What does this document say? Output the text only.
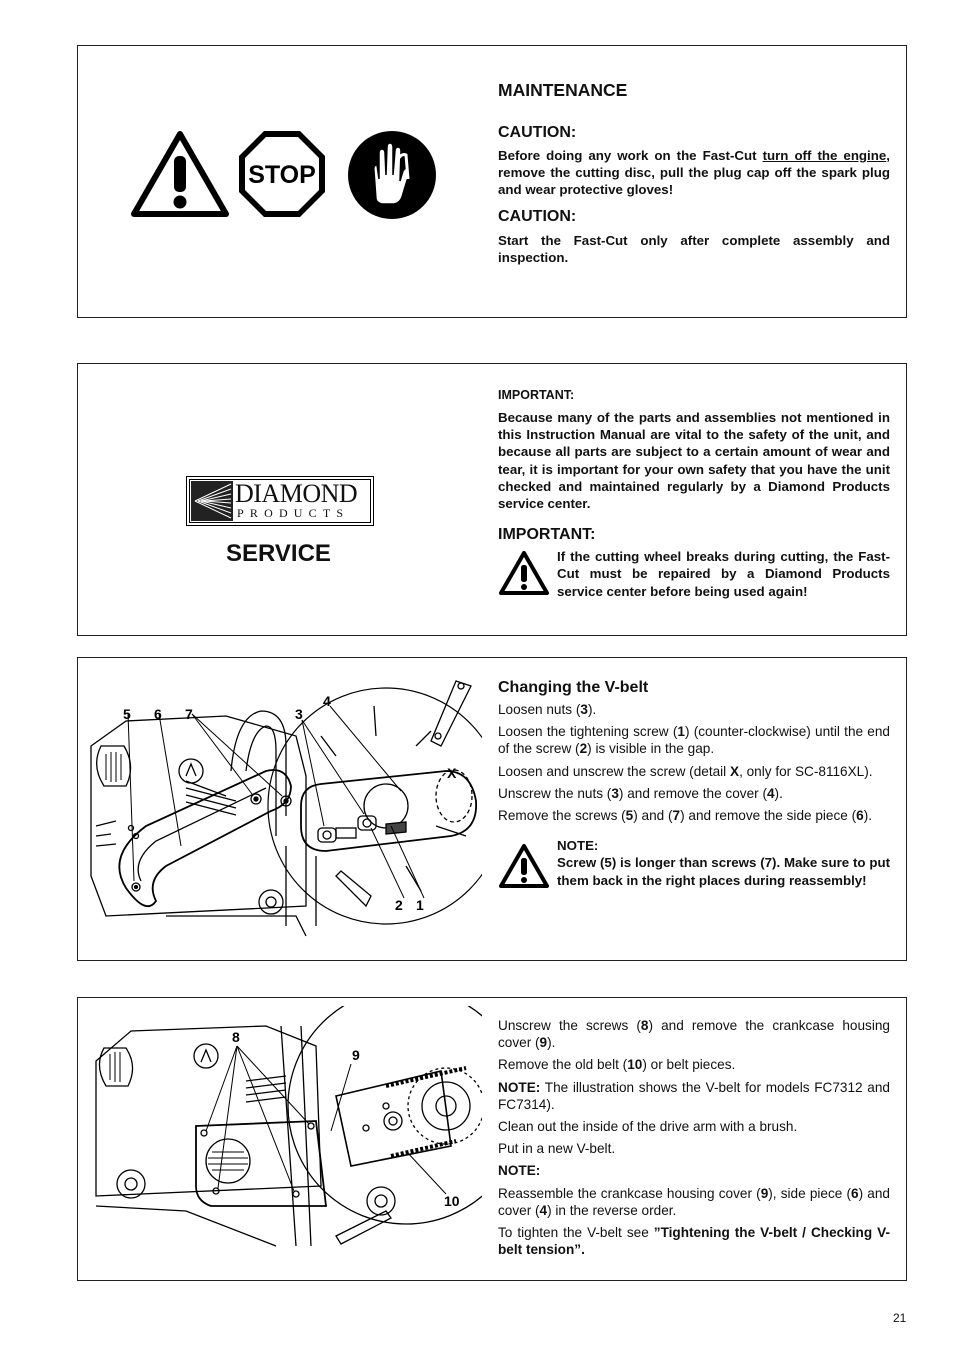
STOP
MAINTENANCE
CAUTION:

Before doing any work on the Fast-Cut turn off the engine, remove the cutting disc, pull the plug cap off the spark plug and wear protective gloves!

CAUTION:

Start the Fast-Cut only after complete assembly and inspection.

DIAMOND
PRODUCTS
SERVICE
IMPORTANT:

Because many of the parts and assemblies not mentioned in this Instruction Manual are vital to the safety of the unit, and because all parts are subject to a certain amount of wear and tear, it is important for your own safety that you have the unit checked and maintained regularly by a Diamond Products service center.

IMPORTANT:

If the cutting wheel breaks during cutting, the Fast-Cut must be repaired by a Diamond Products service center before being used again!

5 6 7	3
4
X
2 1
Changing the V-belt

Loosen nuts (3).

Loosen the tightening screw (1) (counter-clockwise) until the end of the screw (2) is visible in the gap.

Loosen and unscrew the screw (detail X, only for SC-8116XL).

Unscrew the nuts (3) and remove the cover (4).

Remove the screws (5) and (7) and remove the side piece (6).

NOTE:

Screw (5) is longer than screws (7). Make sure to put them back in the right places during reassembly!

8
9
10

Unscrew the screws (8) and remove the crankcase housing cover (9).

Remove the old belt (10) or belt pieces.

NOTE: The illustration shows the V-belt for models FC7312 and FC7314).

Clean out the inside of the drive arm with a brush.

Put in a new V-belt.

NOTE:

Reassemble the crankcase housing cover (9), side piece (6) and cover (4) in the reverse order.

To tighten the V-belt see ”Tightening the V-belt / Checking V-belt tension”.

21
